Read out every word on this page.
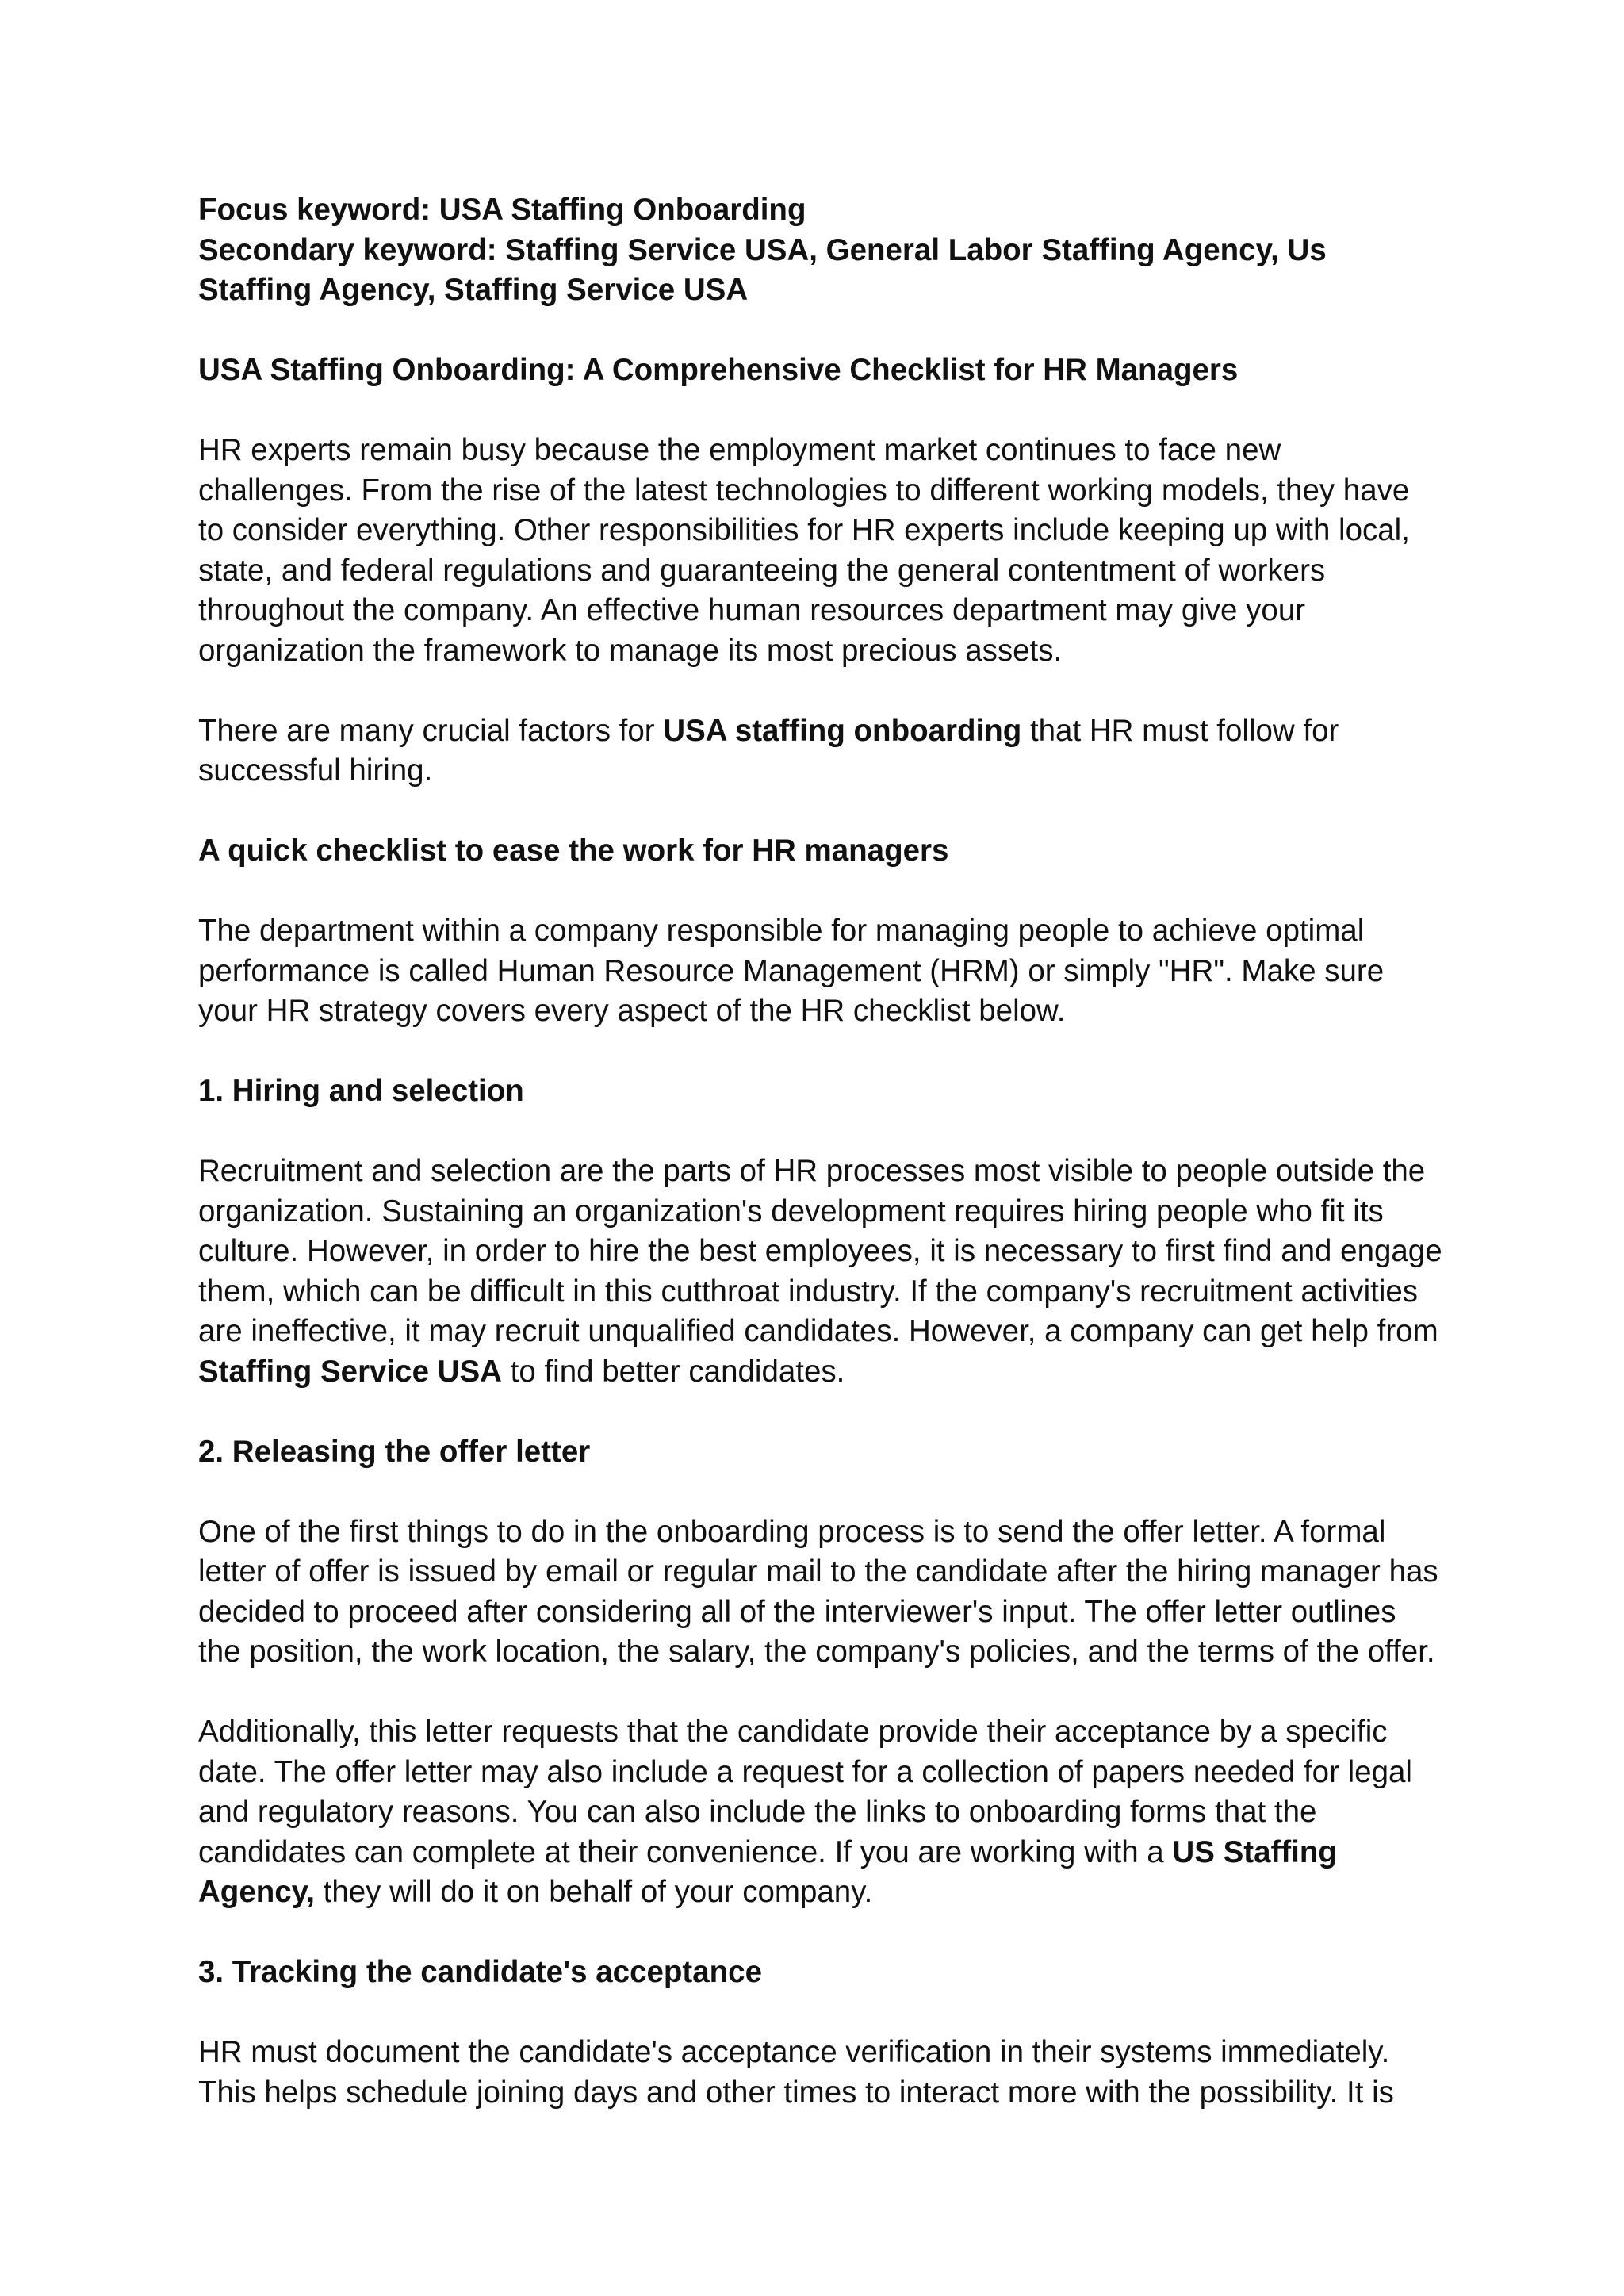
Focus keyword: USA Staffing Onboarding
Secondary keyword: Staffing Service USA, General Labor Staffing Agency, Us Staffing Agency, Staffing Service USA

USA Staffing Onboarding: A Comprehensive Checklist for HR Managers

HR experts remain busy because the employment market continues to face new challenges. From the rise of the latest technologies to different working models, they have to consider everything. Other responsibilities for HR experts include keeping up with local, state, and federal regulations and guaranteeing the general contentment of workers throughout the company. An effective human resources department may give your organization the framework to manage its most precious assets.

There are many crucial factors for USA staffing onboarding that HR must follow for successful hiring.

A quick checklist to ease the work for HR managers

The department within a company responsible for managing people to achieve optimal performance is called Human Resource Management (HRM) or simply "HR". Make sure your HR strategy covers every aspect of the HR checklist below.

1. Hiring and selection

Recruitment and selection are the parts of HR processes most visible to people outside the organization. Sustaining an organization's development requires hiring people who fit its culture. However, in order to hire the best employees, it is necessary to first find and engage them, which can be difficult in this cutthroat industry. If the company's recruitment activities are ineffective, it may recruit unqualified candidates. However, a company can get help from Staffing Service USA to find better candidates.

2. Releasing the offer letter

One of the first things to do in the onboarding process is to send the offer letter. A formal letter of offer is issued by email or regular mail to the candidate after the hiring manager has decided to proceed after considering all of the interviewer's input. The offer letter outlines the position, the work location, the salary, the company's policies, and the terms of the offer.

Additionally, this letter requests that the candidate provide their acceptance by a specific date. The offer letter may also include a request for a collection of papers needed for legal and regulatory reasons. You can also include the links to onboarding forms that the candidates can complete at their convenience. If you are working with a US Staffing Agency, they will do it on behalf of your company.

3. Tracking the candidate's acceptance

HR must document the candidate's acceptance verification in their systems immediately. This helps schedule joining days and other times to interact more with the possibility. It is
